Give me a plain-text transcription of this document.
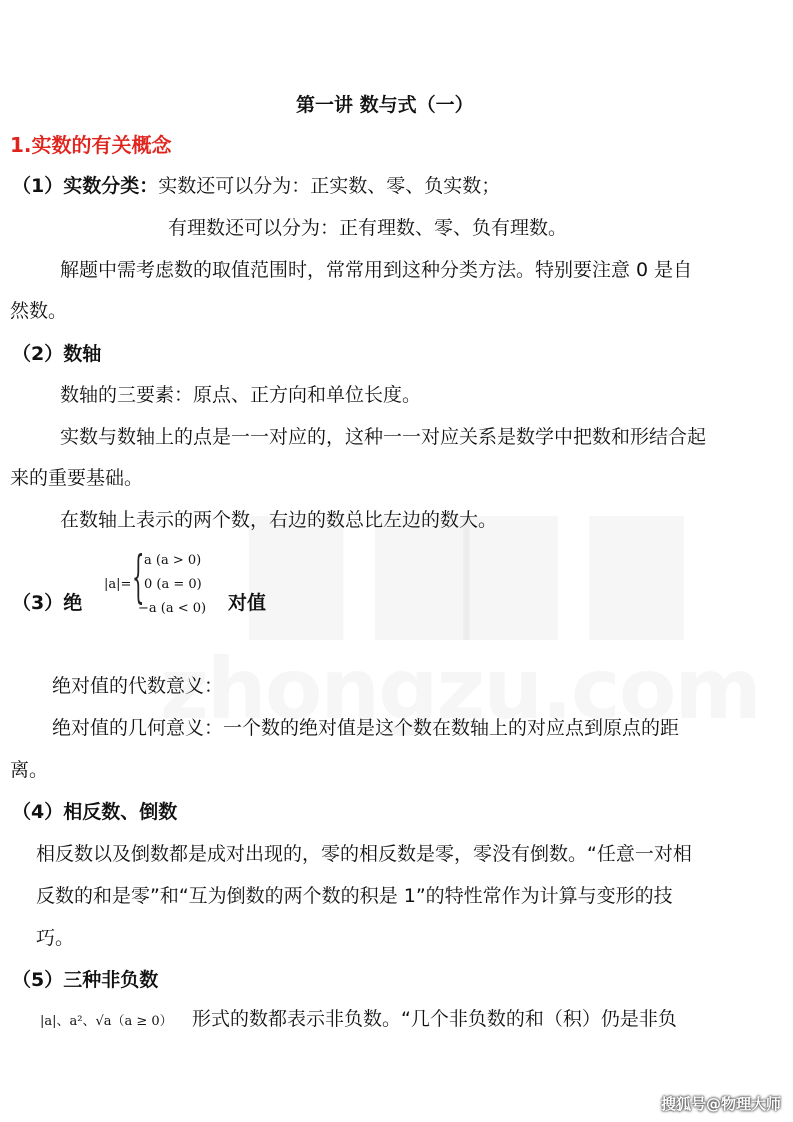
第一讲 数与式（一）
1.实数的有关概念
（1）实数分类：实数还可以分为：正实数、零、负实数；
有理数还可以分为：正有理数、零、负有理数。
解题中需考虑数的取值范围时，常常用到这种分类方法。特别要注意 0 是自
然数。
（2）数轴
数轴的三要素：原点、正方向和单位长度。
实数与数轴上的点是一一对应的，这种一一对应关系是数学中把数和形结合起
来的重要基础。
在数轴上表示的两个数，右边的数总比左边的数大。
（3）绝
|a|= { a (a > 0)
0 (a = 0)
−a (a < 0) 对值
绝对值的代数意义：
绝对值的几何意义：一个数的绝对值是这个数在数轴上的对应点到原点的距
离。
（4）相反数、倒数
相反数以及倒数都是成对出现的，零的相反数是零，零没有倒数。“任意一对相
反数的和是零”和“互为倒数的两个数的积是 1”的特性常作为计算与变形的技
巧。
（5）三种非负数
|a|、a²、√a（a ≥ 0） 形式的数都表示非负数。“几个非负数的和（积）仍是非负
搜狐号@物理大师
